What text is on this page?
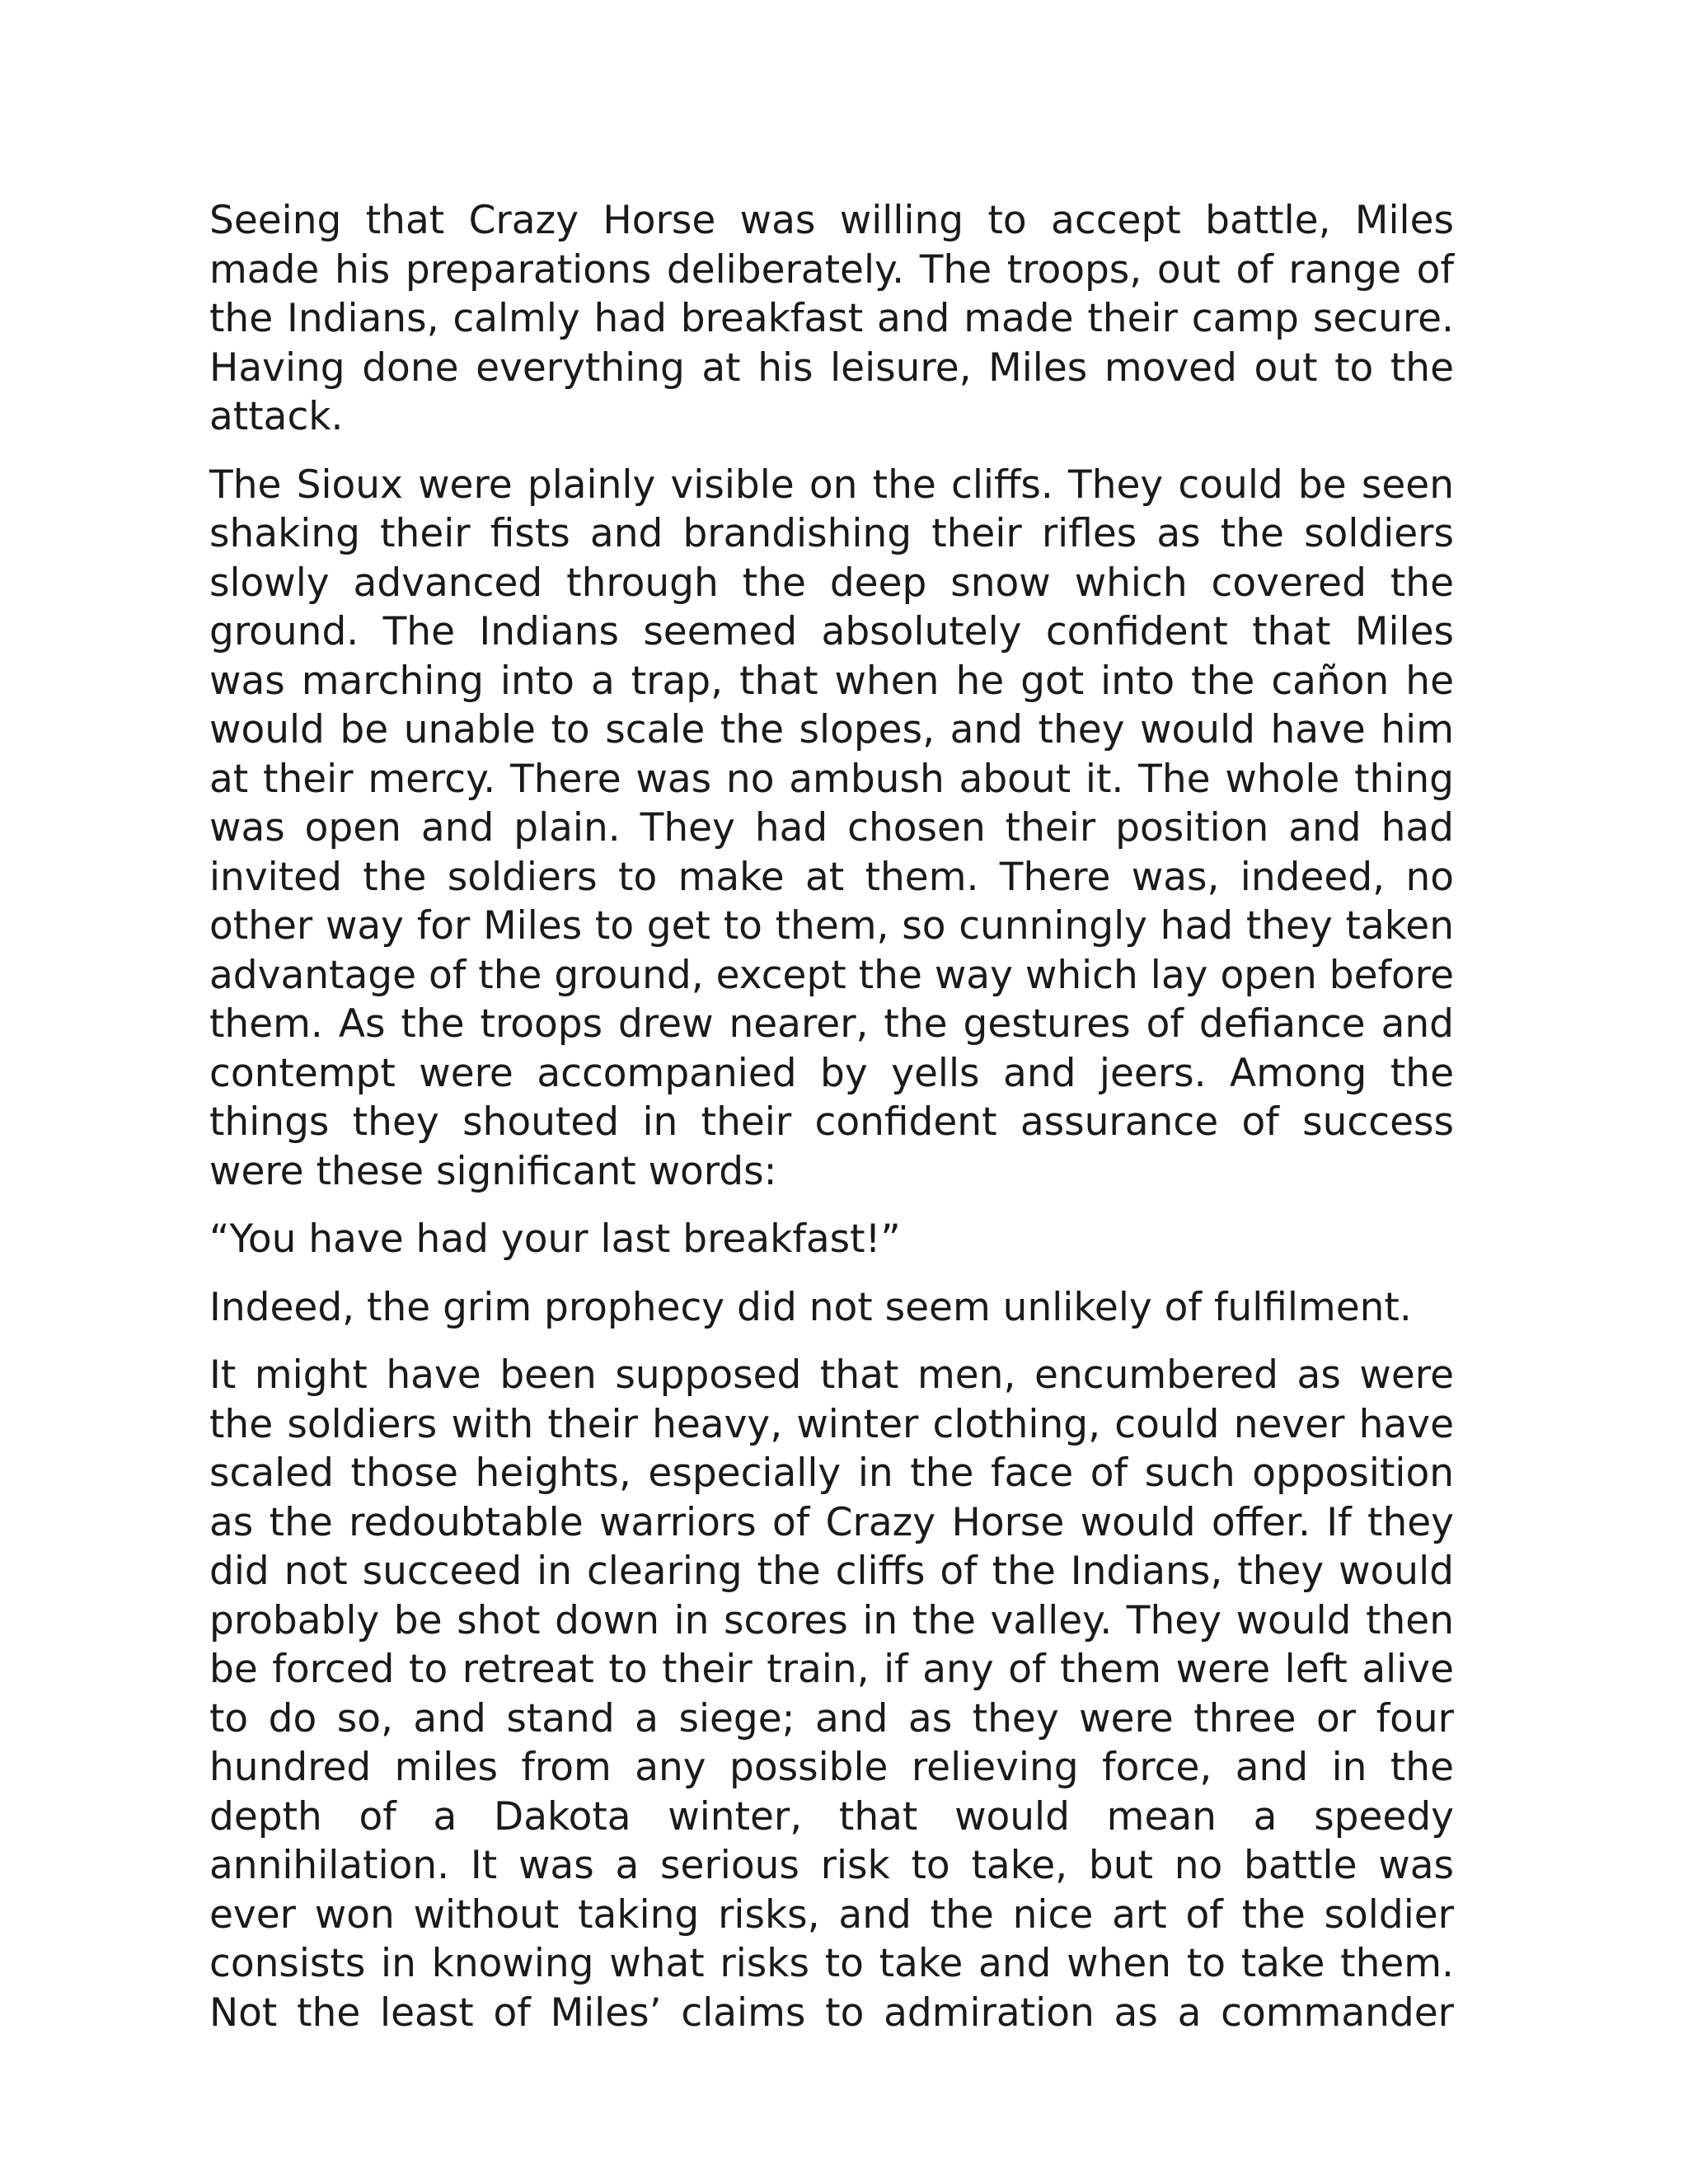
Seeing that Crazy Horse was willing to accept battle, Miles made his preparations deliberately. The troops, out of range of the Indians, calmly had breakfast and made their camp secure. Having done everything at his leisure, Miles moved out to the attack.

The Sioux were plainly visible on the cliffs. They could be seen shaking their fists and brandishing their rifles as the soldiers slowly advanced through the deep snow which covered the ground. The Indians seemed absolutely confident that Miles was marching into a trap, that when he got into the cañon he would be unable to scale the slopes, and they would have him at their mercy. There was no ambush about it. The whole thing was open and plain. They had chosen their position and had invited the soldiers to make at them. There was, indeed, no other way for Miles to get to them, so cunningly had they taken advantage of the ground, except the way which lay open before them. As the troops drew nearer, the gestures of defiance and contempt were accompanied by yells and jeers. Among the things they shouted in their confident assurance of success were these significant words:

“You have had your last breakfast!”

Indeed, the grim prophecy did not seem unlikely of fulfilment.

It might have been supposed that men, encumbered as were the soldiers with their heavy, winter clothing, could never have scaled those heights, especially in the face of such opposition as the redoubtable warriors of Crazy Horse would offer. If they did not succeed in clearing the cliffs of the Indians, they would probably be shot down in scores in the valley. They would then be forced to retreat to their train, if any of them were left alive to do so, and stand a siege; and as they were three or four hundred miles from any possible relieving force, and in the depth of a Dakota winter, that would mean a speedy annihilation. It was a serious risk to take, but no battle was ever won without taking risks, and the nice art of the soldier consists in knowing what risks to take and when to take them. Not the least of Miles’ claims to admiration as a commander
